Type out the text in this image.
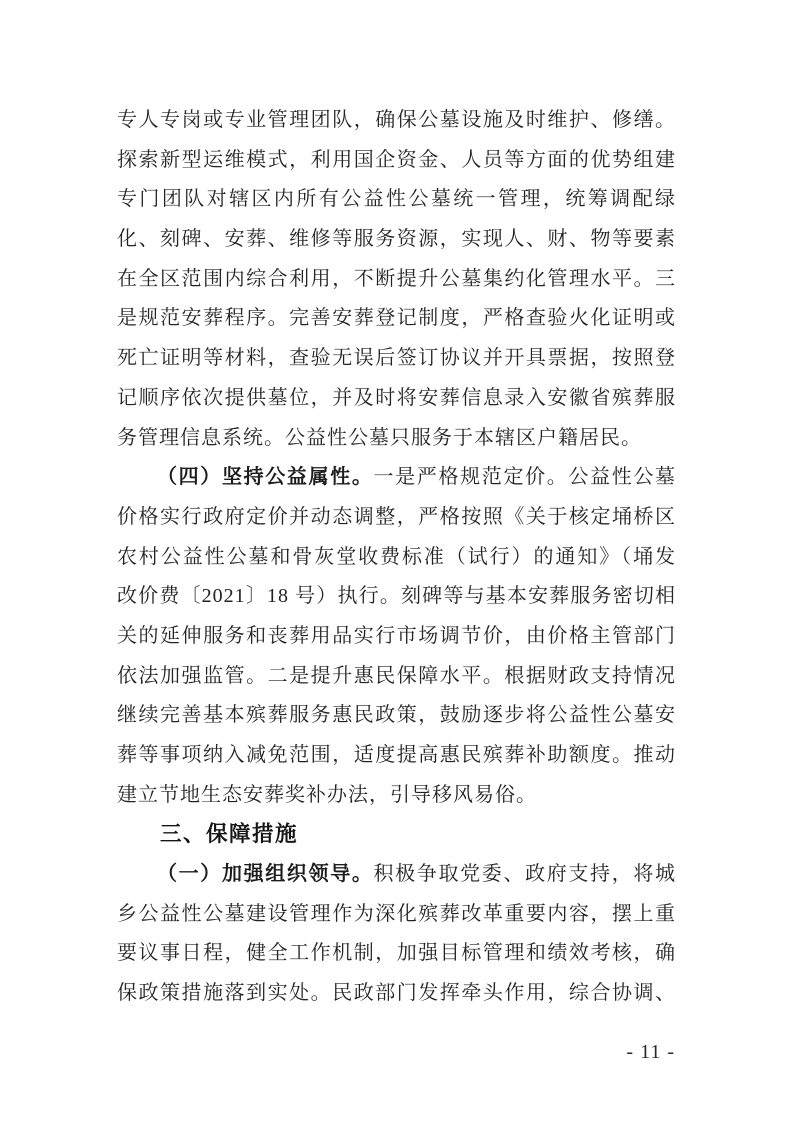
专人专岗或专业管理团队，确保公墓设施及时维护、修缮。
探索新型运维模式，利用国企资金、人员等方面的优势组建
专门团队对辖区内所有公益性公墓统一管理，统筹调配绿
化、刻碑、安葬、维修等服务资源，实现人、财、物等要素
在全区范围内综合利用，不断提升公墓集约化管理水平。三
是规范安葬程序。完善安葬登记制度，严格查验火化证明或
死亡证明等材料，查验无误后签订协议并开具票据，按照登
记顺序依次提供墓位，并及时将安葬信息录入安徽省殡葬服
务管理信息系统。公益性公墓只服务于本辖区户籍居民。
（四）坚持公益属性。一是严格规范定价。公益性公墓
价格实行政府定价并动态调整，严格按照《关于核定埇桥区
农村公益性公墓和骨灰堂收费标准（试行）的通知》（埇发
改价费〔2021〕18 号）执行。刻碑等与基本安葬服务密切相
关的延伸服务和丧葬用品实行市场调节价，由价格主管部门
依法加强监管。二是提升惠民保障水平。根据财政支持情况
继续完善基本殡葬服务惠民政策，鼓励逐步将公益性公墓安
葬等事项纳入减免范围，适度提高惠民殡葬补助额度。推动
建立节地生态安葬奖补办法，引导移风易俗。
三、保障措施
（一）加强组织领导。积极争取党委、政府支持，将城
乡公益性公墓建设管理作为深化殡葬改革重要内容，摆上重
要议事日程，健全工作机制，加强目标管理和绩效考核，确
保政策措施落到实处。民政部门发挥牵头作用，综合协调、
- 11 -
